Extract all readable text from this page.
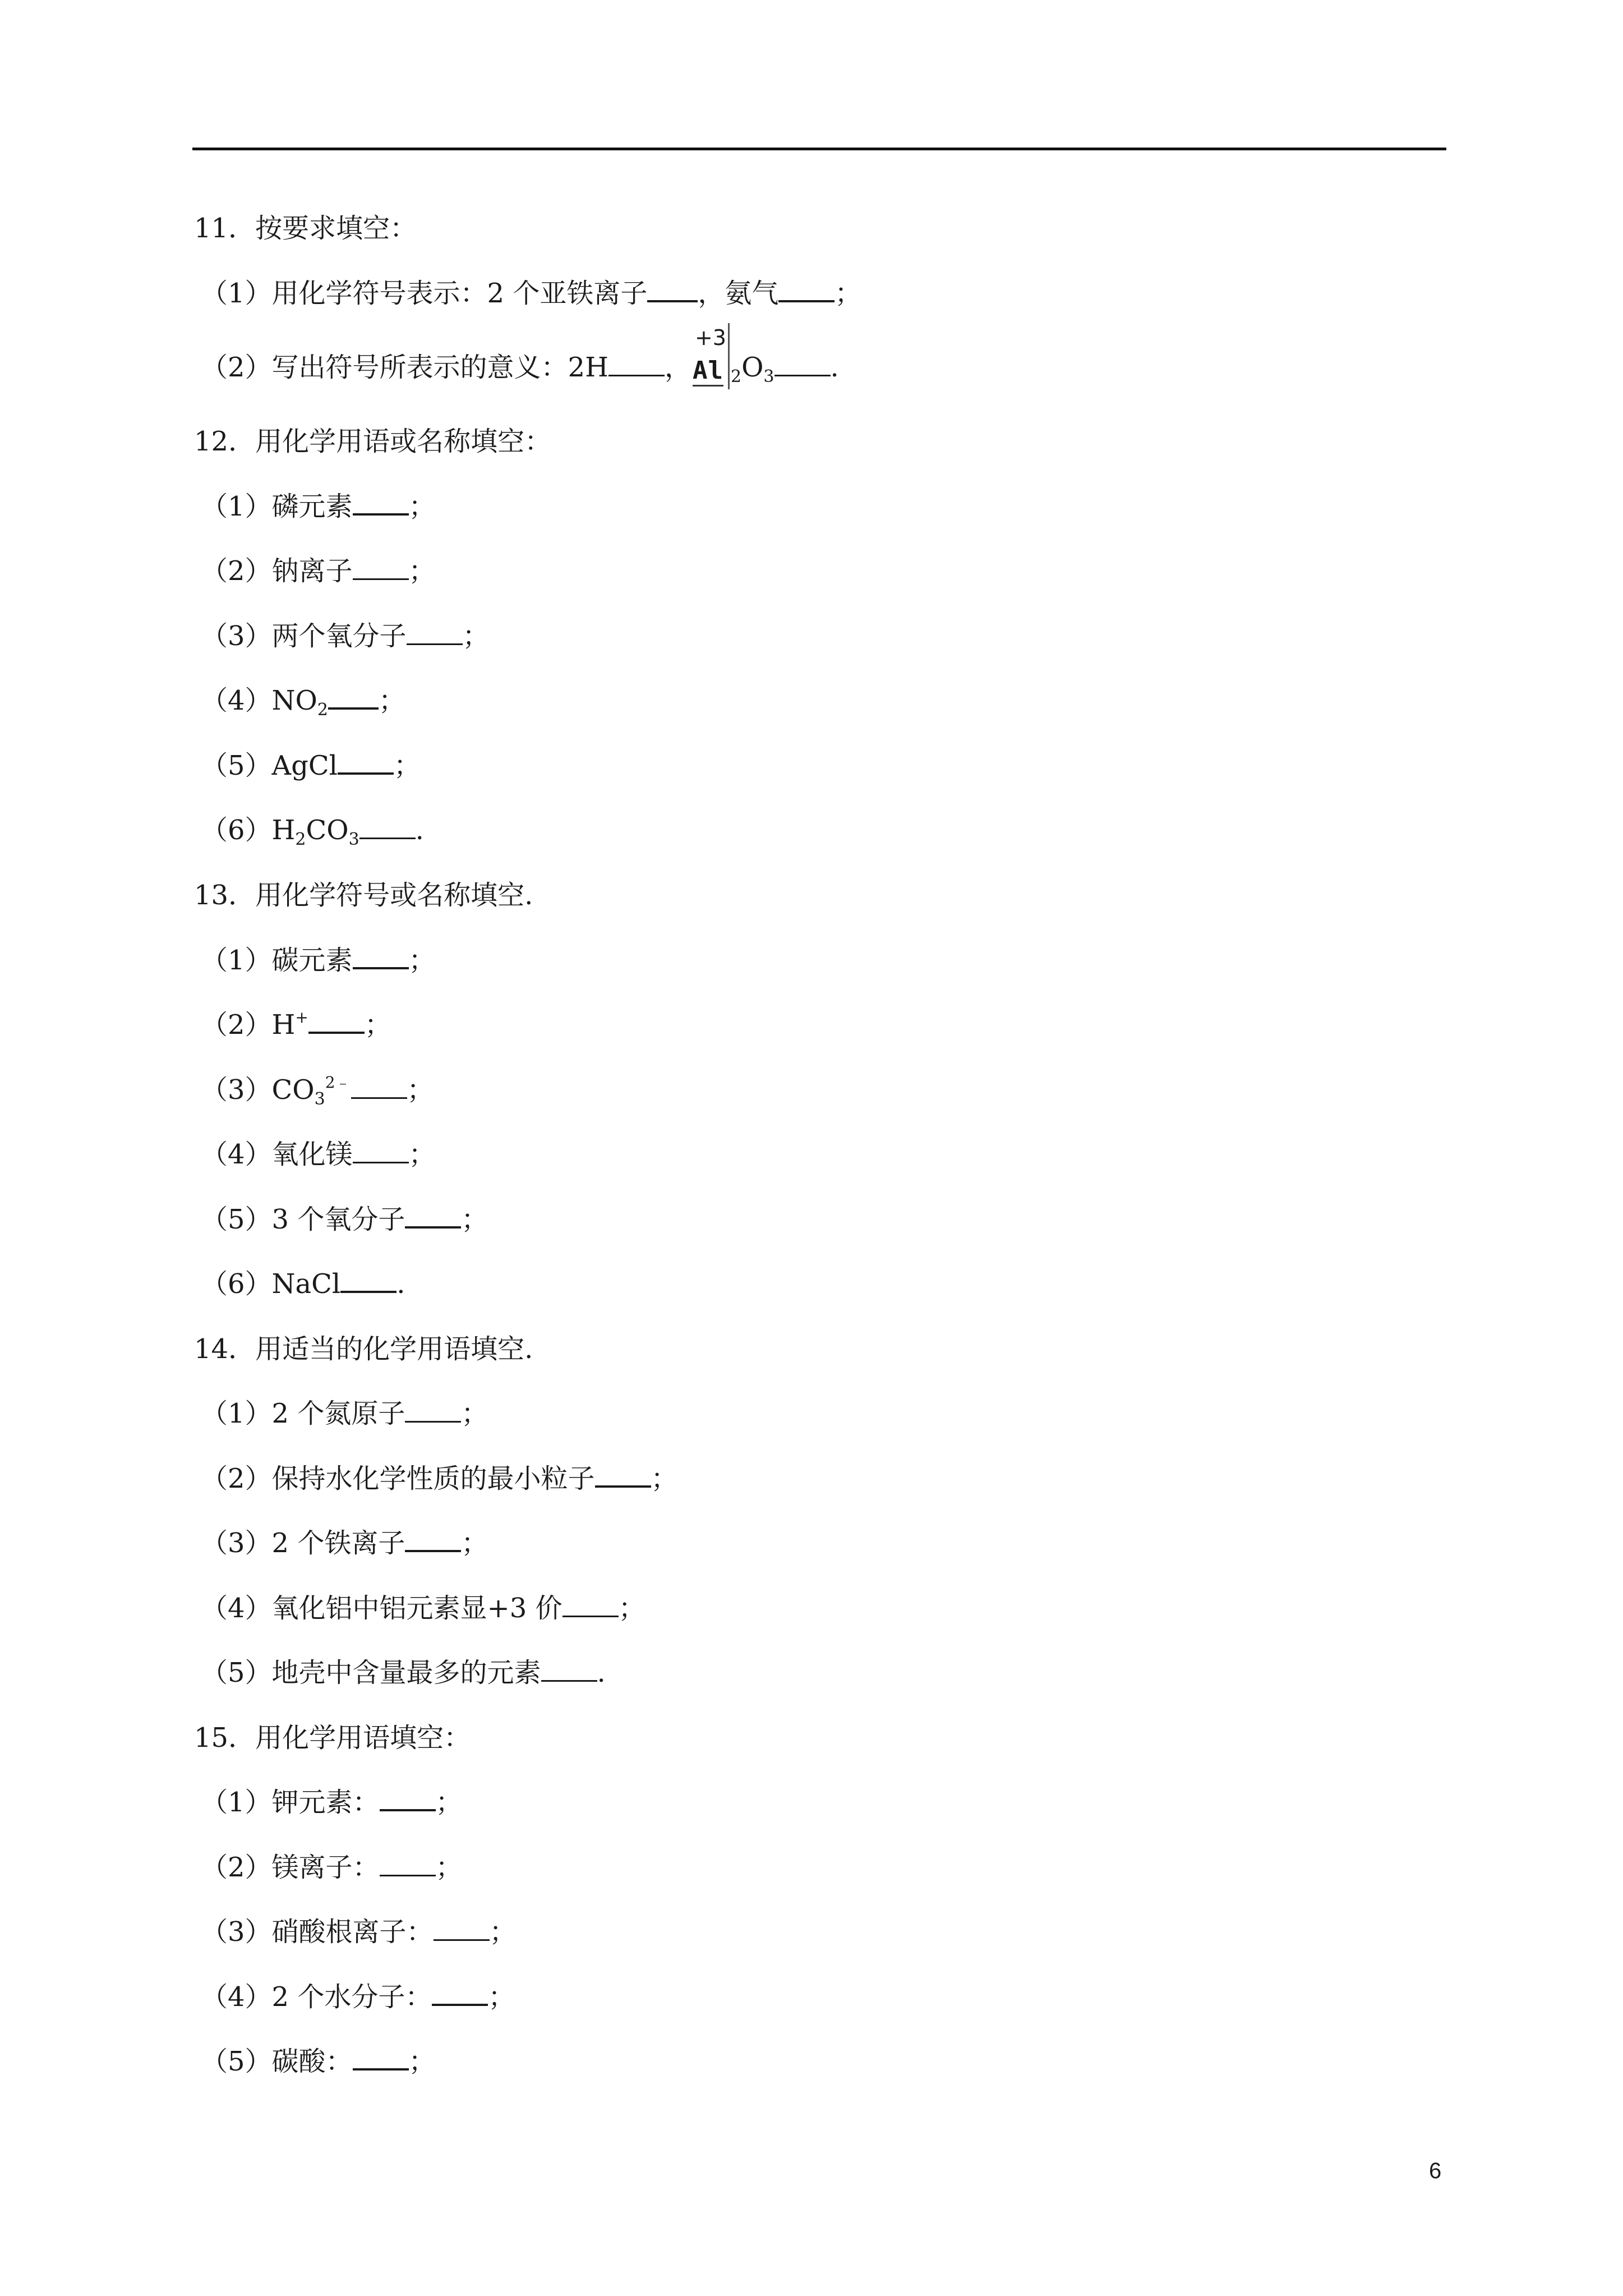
11．按要求填空：
（1）用化学符号表示：2 个亚铁离子 ，氨气 ；
（2）写出符号所表示的意义：2H ，
+3
Al $_2O_3$ .
12．用化学用语或名称填空：
（1）磷元素 ；
（2）钠离子 ；
（3）两个氧分子 ；
$(4)NO_2$ ；
（5）AgCl ；
$(6)H_2CO_3$ .
13．用化学符号或名称填空.
（1）碳元素 ；
（2）H+ ；
$(3)CO_3^{2﹣}$ ；
（4）氧化镁 ；
（5）3 个氧分子 ；
（6）NaCl .
14．用适当的化学用语填空.
（1）2 个氮原子 ；
（2）保持水化学性质的最小粒子 ；
（3）2 个铁离子 ；
（4）氧化铝中铝元素显+3 价 ；
（5）地壳中含量最多的元素 .
15．用化学用语填空：
（1）钾元素： ；
（2）镁离子： ；
（3）硝酸根离子： ；
（4）2 个水分子： ；
（5）碳酸： ；
6
